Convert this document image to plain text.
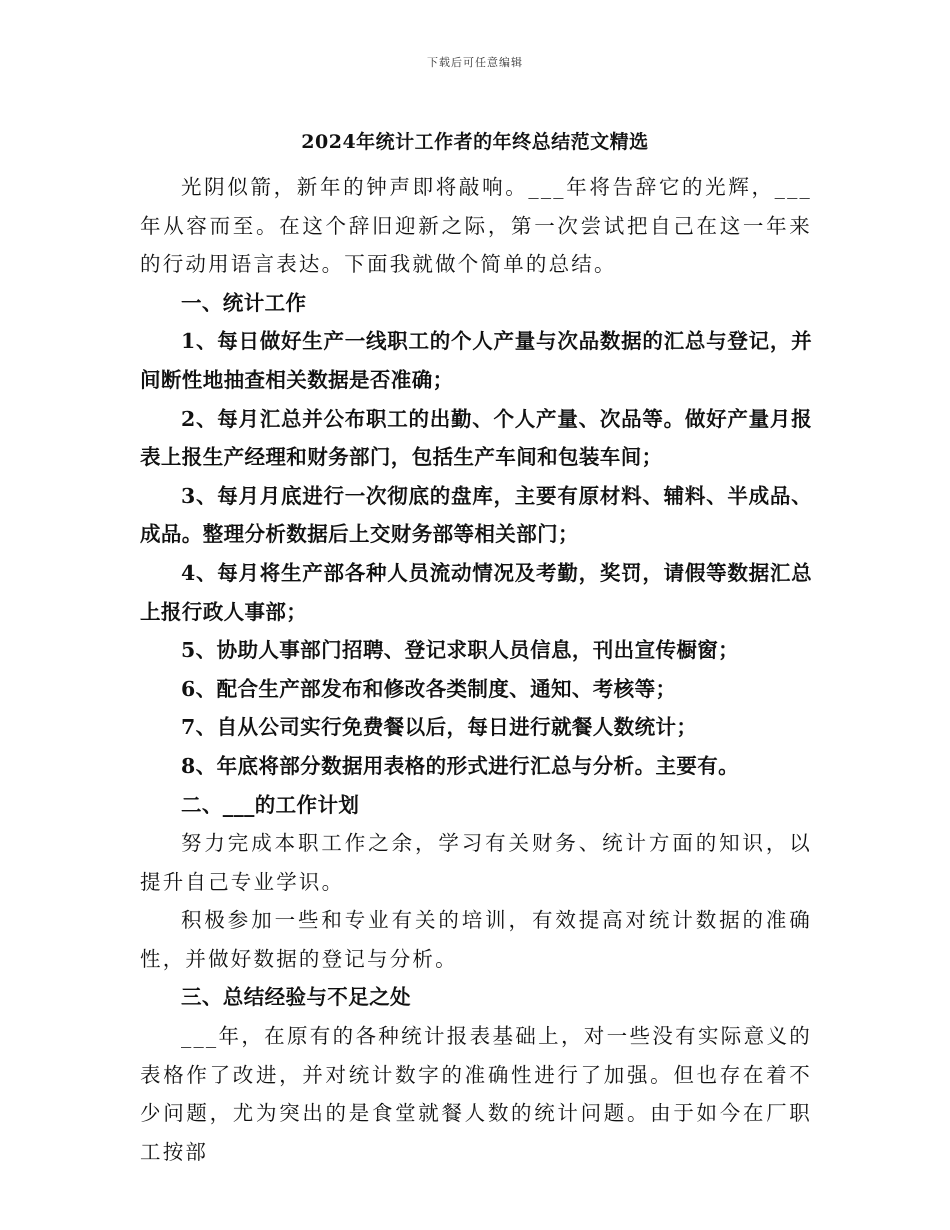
下载后可任意编辑
2024年统计工作者的年终总结范文精选

光阴似箭，新年的钟声即将敲响。___年将告辞它的光辉，___年从容而至。在这个辞旧迎新之际，第一次尝试把自己在这一年来的行动用语言表达。下面我就做个简单的总结。

一、统计工作

1、每日做好生产一线职工的个人产量与次品数据的汇总与登记，并间断性地抽查相关数据是否准确；

2、每月汇总并公布职工的出勤、个人产量、次品等。做好产量月报表上报生产经理和财务部门，包括生产车间和包装车间；

3、每月月底进行一次彻底的盘库，主要有原材料、辅料、半成品、成品。整理分析数据后上交财务部等相关部门；

4、每月将生产部各种人员流动情况及考勤，奖罚，请假等数据汇总上报行政人事部；

5、协助人事部门招聘、登记求职人员信息，刊出宣传橱窗；

6、配合生产部发布和修改各类制度、通知、考核等；

7、自从公司实行免费餐以后，每日进行就餐人数统计；

8、年底将部分数据用表格的形式进行汇总与分析。主要有。

二、___的工作计划

努力完成本职工作之余，学习有关财务、统计方面的知识，以提升自己专业学识。

积极参加一些和专业有关的培训，有效提高对统计数据的准确性，并做好数据的登记与分析。

三、总结经验与不足之处

___年，在原有的各种统计报表基础上，对一些没有实际意义的表格作了改进，并对统计数字的准确性进行了加强。但也存在着不少问题，尤为突出的是食堂就餐人数的统计问题。由于如今在厂职工按部
